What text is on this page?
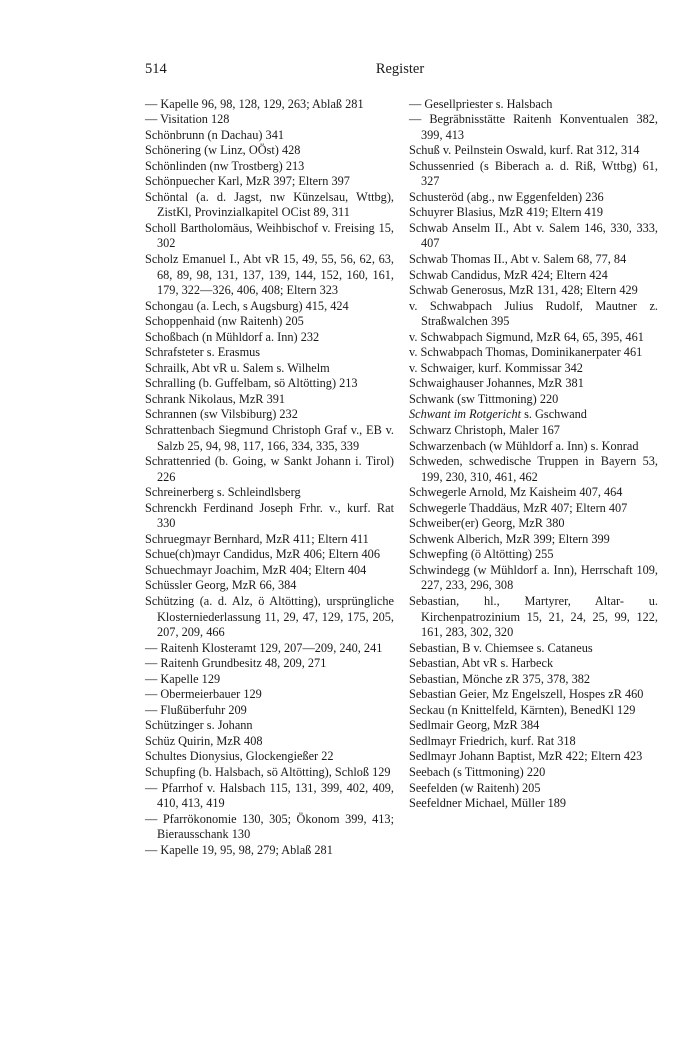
514	Register
— Kapelle 96, 98, 128, 129, 263; Ablaß 281
— Visitation 128
Schönbrunn (n Dachau) 341
Schönering (w Linz, OÖst) 428
Schönlinden (nw Trostberg) 213
Schönpuecher Karl, MzR 397; Eltern 397
Schöntal (a. d. Jagst, nw Künzelsau, Wttbg), ZistKl, Provinzialkapitel OCist 89, 311
Scholl Bartholomäus, Weihbischof v. Freising 15, 302
Scholz Emanuel I., Abt vR 15, 49, 55, 56, 62, 63, 68, 89, 98, 131, 137, 139, 144, 152, 160, 161, 179, 322—326, 406, 408; Eltern 323
Schongau (a. Lech, s Augsburg) 415, 424
Schoppenhaid (nw Raitenh) 205
Schoßbach (n Mühldorf a. Inn) 232
Schrafsteter s. Erasmus
Schrailk, Abt vR u. Salem s. Wilhelm
Schralling (b. Guffelbam, sö Altötting) 213
Schrank Nikolaus, MzR 391
Schrannen (sw Vilsbiburg) 232
Schrattenbach Siegmund Christoph Graf v., EB v. Salzb 25, 94, 98, 117, 166, 334, 335, 339
Schrattenried (b. Going, w Sankt Johann i. Tirol) 226
Schreinerberg s. Schleindlsberg
Schrenckh Ferdinand Joseph Frhr. v., kurf. Rat 330
Schruegmayr Bernhard, MzR 411; Eltern 411
Schue(ch)mayr Candidus, MzR 406; Eltern 406
Schuechmayr Joachim, MzR 404; Eltern 404
Schüssler Georg, MzR 66, 384
Schützing (a. d. Alz, ö Altötting), ursprüngliche Klosterniederlassung 11, 29, 47, 129, 175, 205, 207, 209, 466
— Raitenh Klosteramt 129, 207—209, 240, 241
— Raitenh Grundbesitz 48, 209, 271
— Kapelle 129
— Obermeierbauer 129
— Flußüberfuhr 209
Schützinger s. Johann
Schüz Quirin, MzR 408
Schultes Dionysius, Glockengießer 22
Schupfing (b. Halsbach, sö Altötting), Schloß 129
— Pfarrhof v. Halsbach 115, 131, 399, 402, 409, 410, 413, 419
— Pfarrökonomie 130, 305; Ökonom 399, 413; Bierausschank 130
— Kapelle 19, 95, 98, 279; Ablaß 281
— Gesellpriester s. Halsbach
— Begräbnisstätte Raitenh Konventualen 382, 399, 413
Schuß v. Peilnstein Oswald, kurf. Rat 312, 314
Schussenried (s Biberach a. d. Riß, Wttbg) 61, 327
Schusteröd (abg., nw Eggenfelden) 236
Schuyrer Blasius, MzR 419; Eltern 419
Schwab Anselm II., Abt v. Salem 146, 330, 333, 407
Schwab Thomas II., Abt v. Salem 68, 77, 84
Schwab Candidus, MzR 424; Eltern 424
Schwab Generosus, MzR 131, 428; Eltern 429
v. Schwabpach Julius Rudolf, Mautner z. Straßwalchen 395
v. Schwabpach Sigmund, MzR 64, 65, 395, 461
v. Schwabpach Thomas, Dominikanerpater 461
v. Schwaiger, kurf. Kommissar 342
Schwaighauser Johannes, MzR 381
Schwank (sw Tittmoning) 220
Schwant im Rotgericht s. Gschwand
Schwarz Christoph, Maler 167
Schwarzenbach (w Mühldorf a. Inn) s. Konrad
Schweden, schwedische Truppen in Bayern 53, 199, 230, 310, 461, 462
Schwegerle Arnold, Mz Kaisheim 407, 464
Schwegerle Thaddäus, MzR 407; Eltern 407
Schweiber(er) Georg, MzR 380
Schwenk Alberich, MzR 399; Eltern 399
Schwepfing (ö Altötting) 255
Schwindegg (w Mühldorf a. Inn), Herrschaft 109, 227, 233, 296, 308
Sebastian, hl., Martyrer, Altar- u. Kirchenpatrozinium 15, 21, 24, 25, 99, 122, 161, 283, 302, 320
Sebastian, B v. Chiemsee s. Cataneus
Sebastian, Abt vR s. Harbeck
Sebastian, Mönche zR 375, 378, 382
Sebastian Geier, Mz Engelszell, Hospes zR 460
Seckau (n Knittelfeld, Kärnten), BenedKl 129
Sedlmair Georg, MzR 384
Sedlmayr Friedrich, kurf. Rat 318
Sedlmayr Johann Baptist, MzR 422; Eltern 423
Seebach (s Tittmoning) 220
Seefelden (w Raitenh) 205
Seefeldner Michael, Müller 189
